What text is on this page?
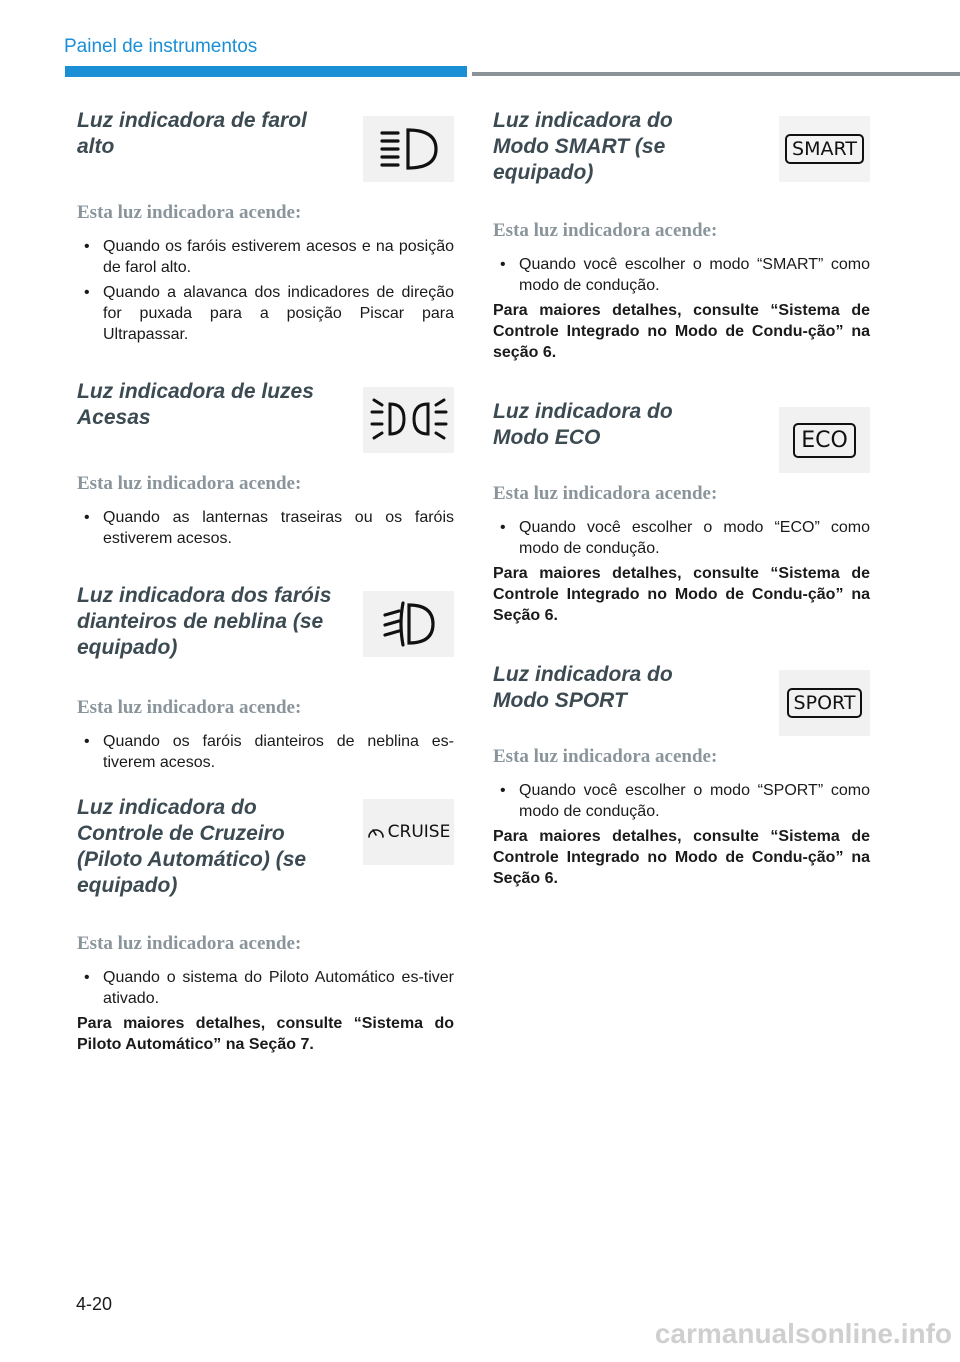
Painel de instrumentos
Luz indicadora de farol alto
Esta luz indicadora acende:
• Quando os faróis estiverem acesos e na posição de farol alto.
• Quando a alavanca dos indicadores de direção for puxada para a posição Piscar para Ultrapassar.
Luz indicadora de luzes Acesas
Esta luz indicadora acende:
• Quando as lanternas traseiras ou os faróis estiverem acesos.
Luz indicadora dos faróis dianteiros de neblina (se equipado)
Esta luz indicadora acende:
• Quando os faróis dianteiros de neblina es-tiverem acesos.
Luz indicadora do Controle de Cruzeiro (Piloto Automático) (se equipado)
CRUISE
Esta luz indicadora acende:
• Quando o sistema do Piloto Automático es-tiver ativado.
Para maiores detalhes, consulte “Sistema do Piloto Automático” na Seção 7.
Luz indicadora do Modo SMART (se equipado)
SMART
Esta luz indicadora acende:
• Quando você escolher o modo “SMART” como modo de condução.
Para maiores detalhes, consulte “Sistema de Controle Integrado no Modo de Condu-ção” na seção 6.
Luz indicadora do Modo ECO	ECO
Esta luz indicadora acende:
• Quando você escolher o modo “ECO” como modo de condução.
Para maiores detalhes, consulte “Sistema de Controle Integrado no Modo de Condu-ção” na Seção 6.
Luz indicadora do Modo SPORT	SPORT
Esta luz indicadora acende:
• Quando você escolher o modo “SPORT” como modo de condução.
Para maiores detalhes, consulte “Sistema de Controle Integrado no Modo de Condu-ção” na Seção 6.
4-20
carmanualsonline.info
